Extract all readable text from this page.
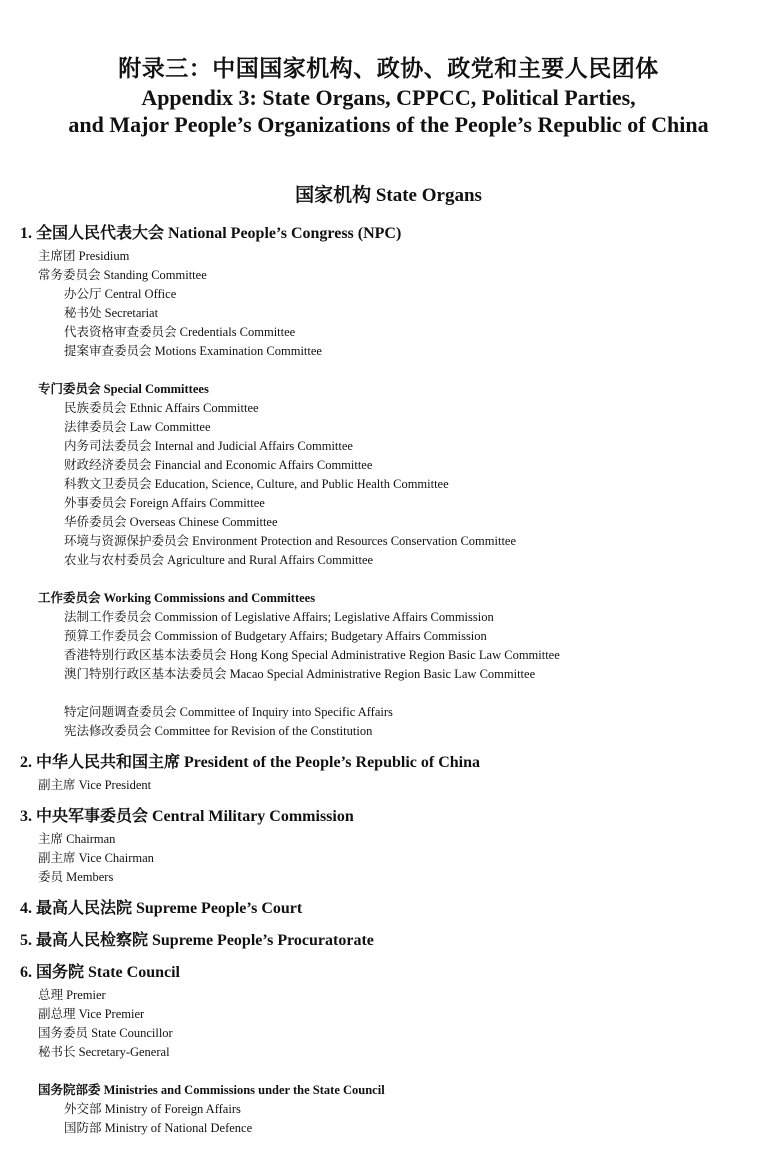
附录三：中国国家机构、政协、政党和主要人民团体
Appendix 3: State Organs, CPPCC, Political Parties,
and Major People’s Organizations of the People’s Republic of China
国家机构 State Organs
1. 全国人民代表大会 National People’s Congress (NPC)
主席团 Presidium
常务委员会 Standing Committee
办公厅 Central Office
秘书处 Secretariat
代表资格审查委员会 Credentials Committee
提案审查委员会 Motions Examination Committee
专门委员会 Special Committees
民族委员会 Ethnic Affairs Committee
法律委员会 Law Committee
内务司法委员会 Internal and Judicial Affairs Committee
财政经济委员会 Financial and Economic Affairs Committee
科教文卫委员会 Education, Science, Culture, and Public Health Committee
外事委员会 Foreign Affairs Committee
华侨委员会 Overseas Chinese Committee
环境与资源保护委员会 Environment Protection and Resources Conservation Committee
农业与农村委员会 Agriculture and Rural Affairs Committee
工作委员会 Working Commissions and Committees
法制工作委员会 Commission of Legislative Affairs; Legislative Affairs Commission
预算工作委员会 Commission of Budgetary Affairs; Budgetary Affairs Commission
香港特别行政区基本法委员会 Hong Kong Special Administrative Region Basic Law Committee
澳门特别行政区基本法委员会 Macao Special Administrative Region Basic Law Committee
特定问题调查委员会 Committee of Inquiry into Specific Affairs
宪法修改委员会 Committee for Revision of the Constitution
2. 中华人民共和国主席 President of the People’s Republic of China
副主席 Vice President
3. 中央军事委员会 Central Military Commission
主席 Chairman
副主席 Vice Chairman
委员 Members
4. 最高人民法院 Supreme People’s Court
5. 最高人民检察院 Supreme People’s Procuratorate
6. 国务院 State Council
总理 Premier
副总理 Vice Premier
国务委员 State Councillor
秘书长 Secretary-General
国务院部委 Ministries and Commissions under the State Council
外交部 Ministry of Foreign Affairs
国防部 Ministry of National Defence
